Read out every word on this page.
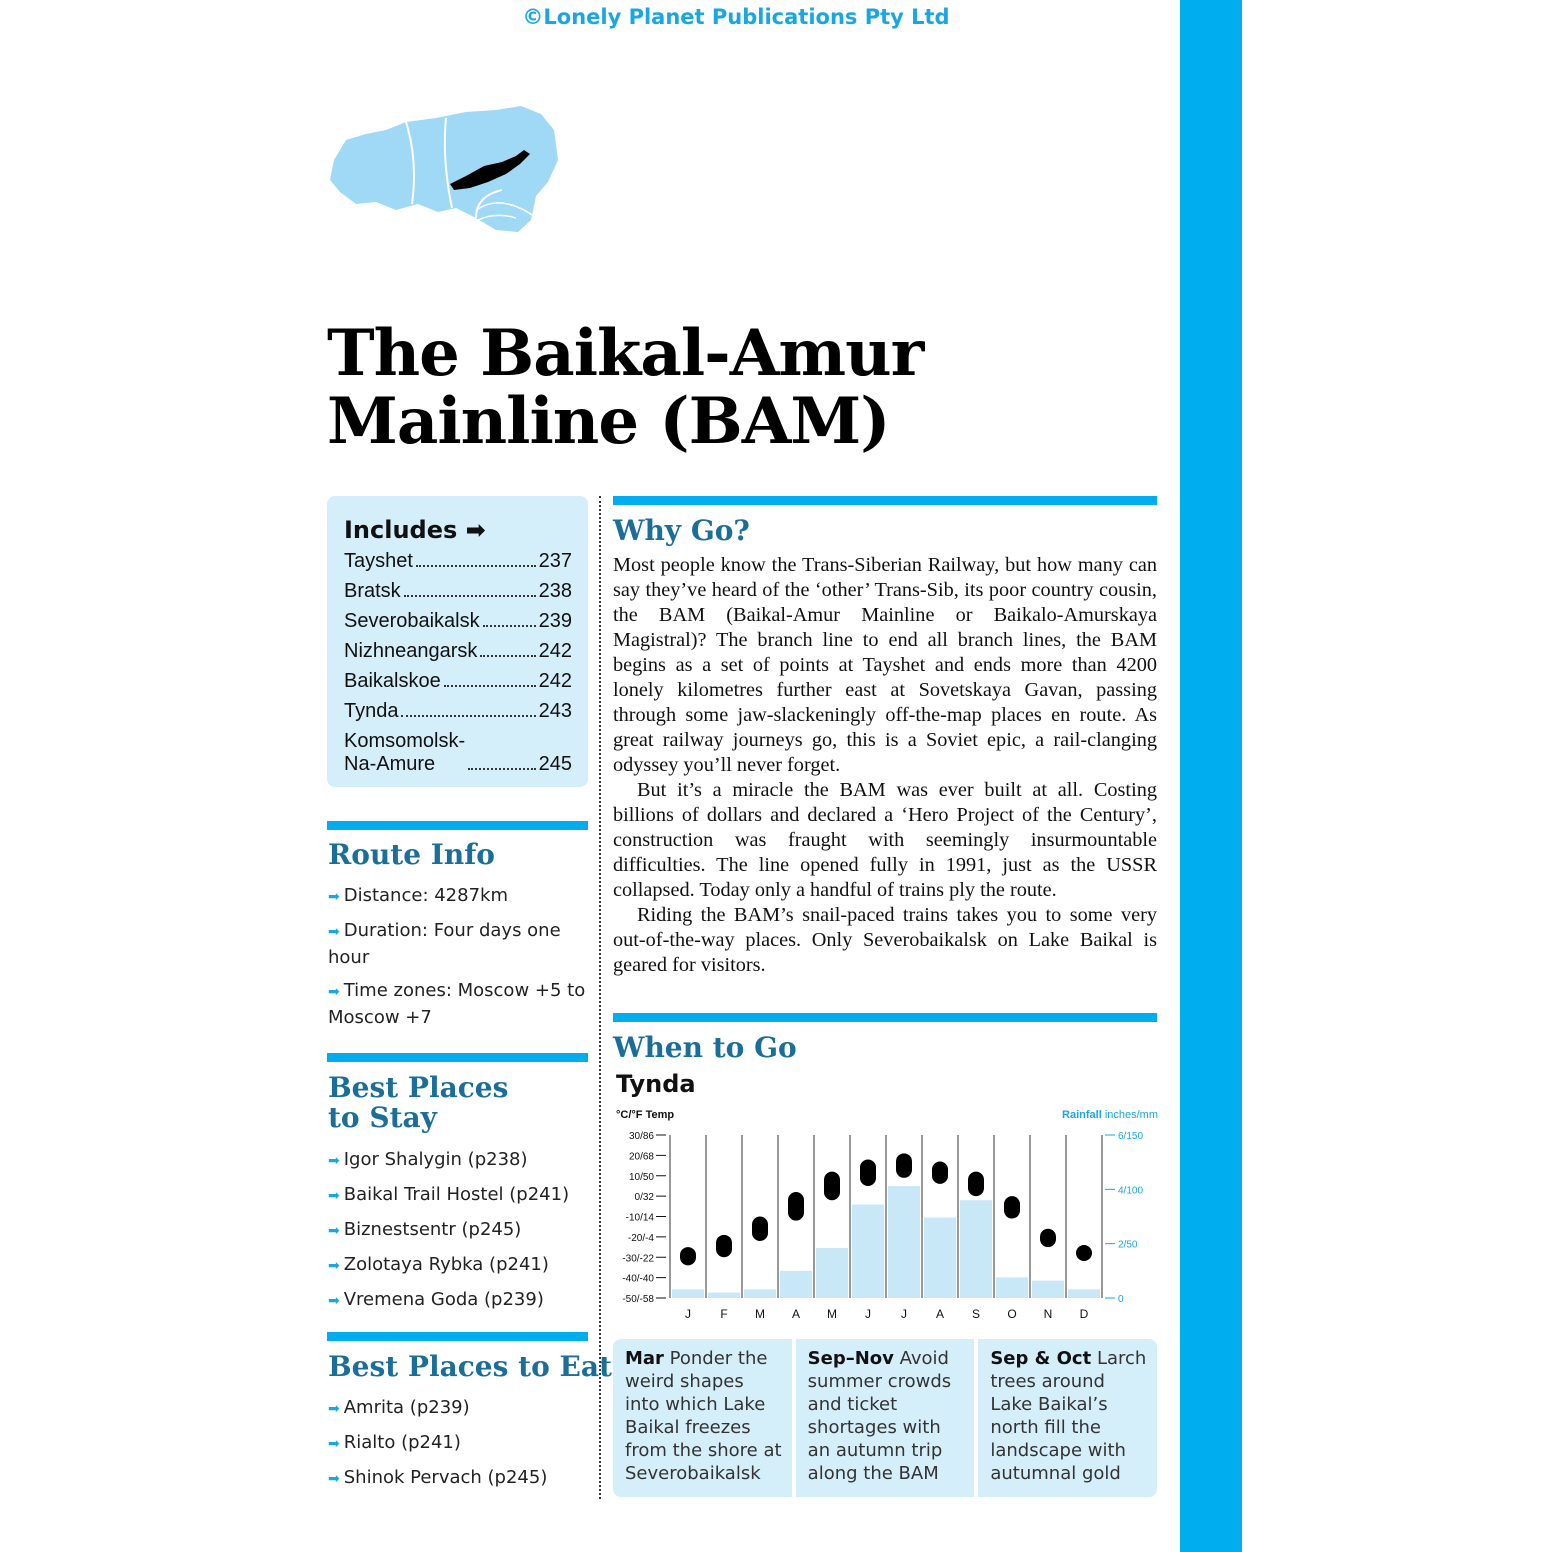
©Lonely Planet Publications Pty Ltd
The Baikal-Amur
Mainline (BAM)
Includes ➡
Tayshet	237
Bratsk	238
Severobaikalsk	239
Nizhneangarsk	242
Baikalskoe	242
Tynda	243
Komsomolsk-
Na-Amure	245
Route Info
➡ Distance: 4287km
➡ Duration: Four days one hour
➡ Time zones: Moscow +5 to Moscow +7
Best Places
to Stay
➡ Igor Shalygin (p238)
➡ Baikal Trail Hostel (p241)
➡ Biznestsentr (p245)
➡ Zolotaya Rybka (p241)
➡ Vremena Goda (p239)
Best Places to Eat
➡ Amrita (p239)
➡ Rialto (p241)
➡ Shinok Pervach (p245)
Why Go?

Most people know the Trans-Siberian Railway, but how many can say they’ve heard of the ‘other’ Trans-Sib, its poor country cousin, the BAM (Baikal-Amur Mainline or Baikalo-Amurskaya Magistral)? The branch line to end all branch lines, the BAM begins as a set of points at Tayshet and ends more than 4200 lonely kilometres further east at Sovetskaya Gavan, passing through some jaw-slackeningly off-the-map places en route. As great railway journeys go, this is a Soviet epic, a rail-clanging odyssey you’ll never forget.

But it’s a miracle the BAM was ever built at all. Costing billions of dollars and declared a ‘Hero Project of the Century’, construction was fraught with seemingly insurmountable difficulties. The line opened fully in 1991, just as the USSR collapsed. Today only a handful of trains ply the route.

Riding the BAM’s snail-paced trains takes you to some very out-of-the-way places. Only Severobaikalsk on Lake Baikal is geared for visitors.

When to Go
Tynda
°C/°F Temp	Rainfall inches/mm
30/86
20/68
10/50
0/32
-10/14
-20/-4
-30/-22
-40/-40
-50/-58
6/150
4/100
2/50
0
J F M A M J	J A S O N D
Mar Ponder the weird shapes into which Lake Baikal freezes from the shore at Severobaikalsk
Sep–Nov Avoid summer crowds and ticket shortages with an autumn trip along the BAM
Sep & Oct Larch trees around Lake Baikal’s north fill the landscape with autumnal gold
